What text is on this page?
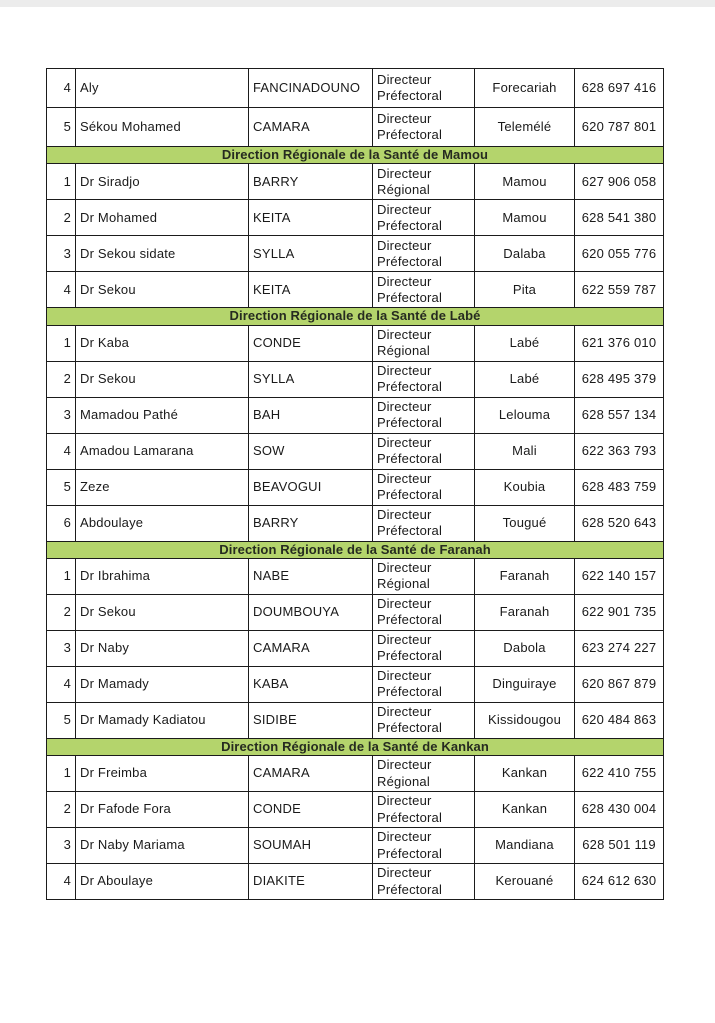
4	Aly	FANCINADOUNO	Directeur Préfectoral	Forecariah	628 697 416
5	Sékou Mohamed	CAMARA	Directeur Préfectoral	Telemélé	620 787 801
Direction Régionale de la Santé de Mamou					
1	Dr Siradjo	BARRY	Directeur Régional	Mamou	627 906 058
2	Dr Mohamed	KEITA	Directeur Préfectoral	Mamou	628 541 380
3	Dr Sekou sidate	SYLLA	Directeur Préfectoral	Dalaba	620 055 776
4	Dr Sekou	KEITA	Directeur Préfectoral	Pita	622 559 787
Direction Régionale de la Santé de Labé					
1	Dr Kaba	CONDE	Directeur Régional	Labé	621 376 010
2	Dr Sekou	SYLLA	Directeur Préfectoral	Labé	628 495 379
3	Mamadou Pathé	BAH	Directeur Préfectoral	Lelouma	628 557 134
4	Amadou Lamarana	SOW	Directeur Préfectoral	Mali	622 363 793
5	Zeze	BEAVOGUI	Directeur Préfectoral	Koubia	628 483 759
6	Abdoulaye	BARRY	Directeur Préfectoral	Tougué	628 520 643
Direction Régionale de la Santé de Faranah					
1	Dr Ibrahima	NABE	Directeur Régional	Faranah	622 140 157
2	Dr Sekou	DOUMBOUYA	Directeur Préfectoral	Faranah	622 901 735
3	Dr Naby	CAMARA	Directeur Préfectoral	Dabola	623 274 227
4	Dr Mamady	KABA	Directeur Préfectoral	Dinguiraye	620 867 879
5	Dr Mamady Kadiatou	SIDIBE	Directeur Préfectoral	Kissidougou	620 484 863
Direction Régionale de la Santé de Kankan					
1	Dr Freimba	CAMARA	Directeur Régional	Kankan	622 410 755
2	Dr Fafode Fora	CONDE	Directeur Préfectoral	Kankan	628 430 004
3	Dr Naby Mariama	SOUMAH	Directeur Préfectoral	Mandiana	628 501 119
4	Dr Aboulaye	DIAKITE	Directeur Préfectoral	Kerouané	624 612 630
